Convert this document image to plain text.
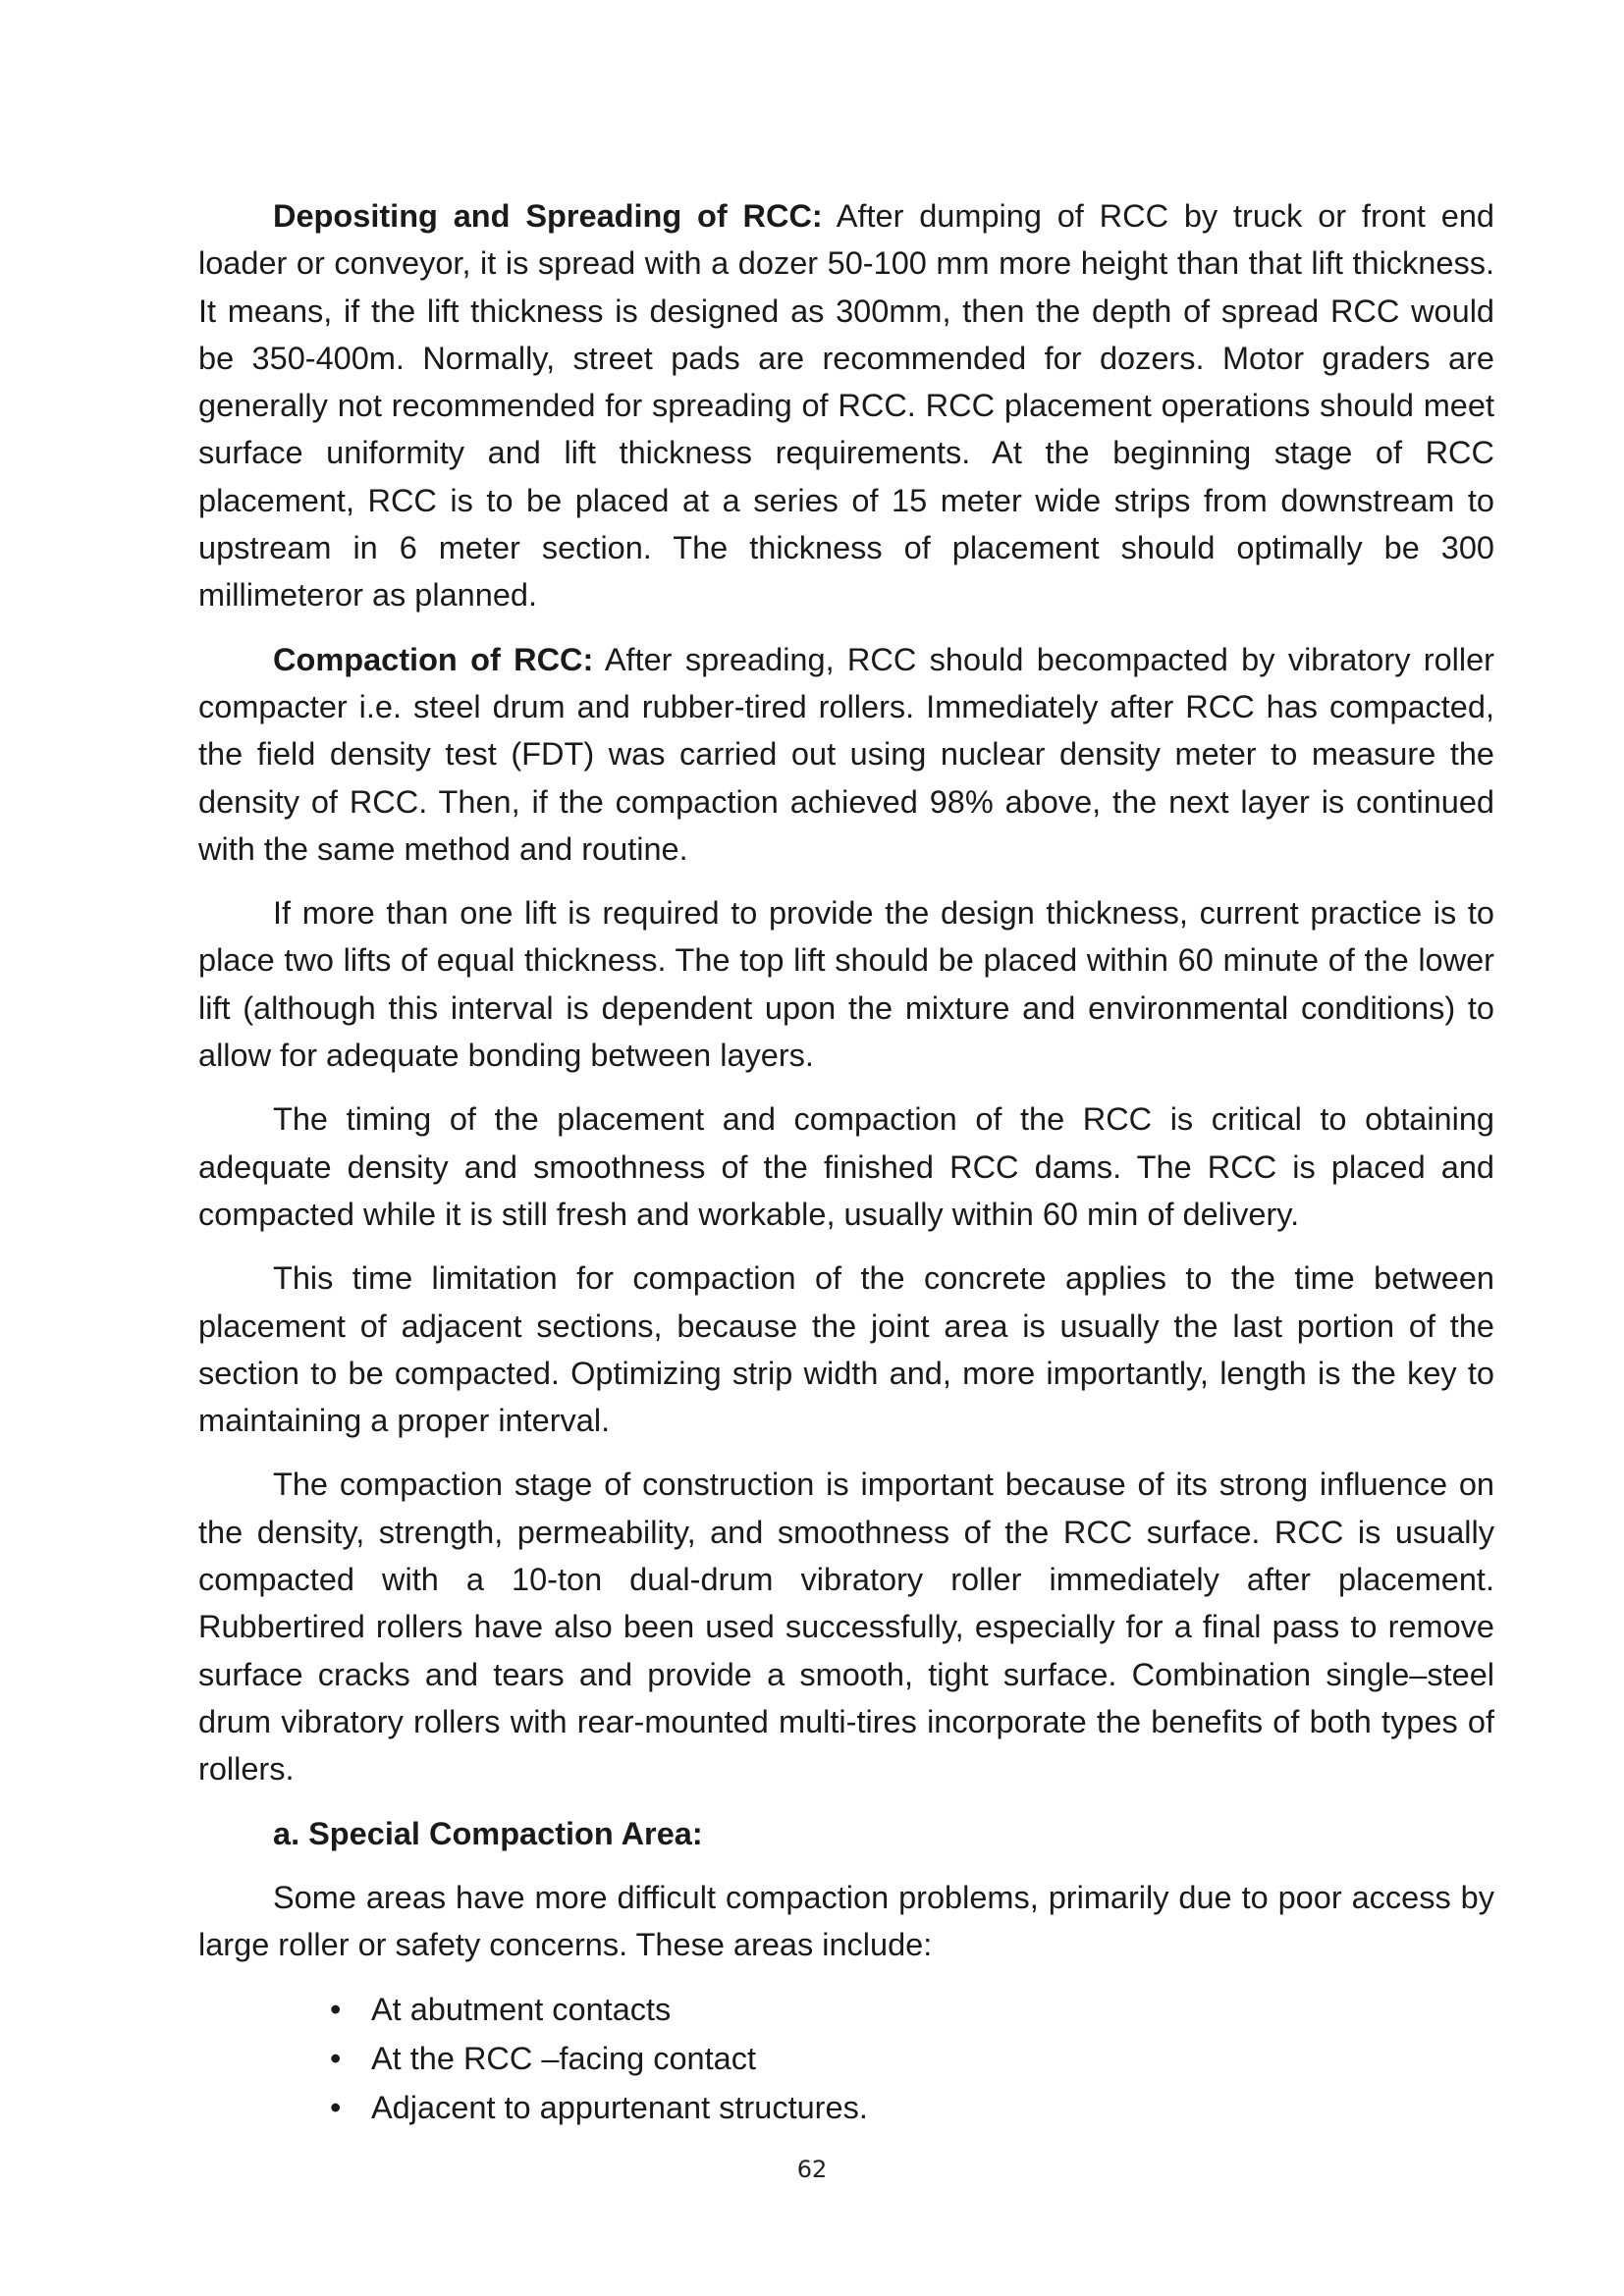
Depositing and Spreading of RCC: After dumping of RCC by truck or front end loader or conveyor, it is spread with a dozer 50-100 mm more height than that lift thickness. It means, if the lift thickness is designed as 300mm, then the depth of spread RCC would be 350-400m. Normally, street pads are recommended for dozers. Motor graders are generally not recommended for spreading of RCC. RCC placement operations should meet surface uniformity and lift thickness requirements. At the beginning stage of RCC placement, RCC is to be placed at a series of 15 meter wide strips from downstream to upstream in 6 meter section. The thickness of placement should optimally be 300 millimeteror as planned.

Compaction of RCC: After spreading, RCC should becompacted by vibratory roller compacter i.e. steel drum and rubber-tired rollers. Immediately after RCC has compacted, the field density test (FDT) was carried out using nuclear density meter to measure the density of RCC. Then, if the compaction achieved 98% above, the next layer is continued with the same method and routine.

If more than one lift is required to provide the design thickness, current practice is to place two lifts of equal thickness. The top lift should be placed within 60 minute of the lower lift (although this interval is dependent upon the mixture and environmental conditions) to allow for adequate bonding between layers.

The timing of the placement and compaction of the RCC is critical to obtaining adequate density and smoothness of the finished RCC dams. The RCC is placed and compacted while it is still fresh and workable, usually within 60 min of delivery.

This time limitation for compaction of the concrete applies to the time between placement of adjacent sections, because the joint area is usually the last portion of the section to be compacted. Optimizing strip width and, more importantly, length is the key to maintaining a proper interval.

The compaction stage of construction is important because of its strong influence on the density, strength, permeability, and smoothness of the RCC surface. RCC is usually compacted with a 10-ton dual-drum vibratory roller immediately after placement. Rubbertired rollers have also been used successfully, especially for a final pass to remove surface cracks and tears and provide a smooth, tight surface. Combination single–steel drum vibratory rollers with rear-mounted multi-tires incorporate the benefits of both types of rollers.

a. Special Compaction Area:

Some areas have more difficult compaction problems, primarily due to poor access by large roller or safety concerns. These areas include:

• At abutment contacts
• At the RCC –facing contact
• Adjacent to appurtenant structures.
62
